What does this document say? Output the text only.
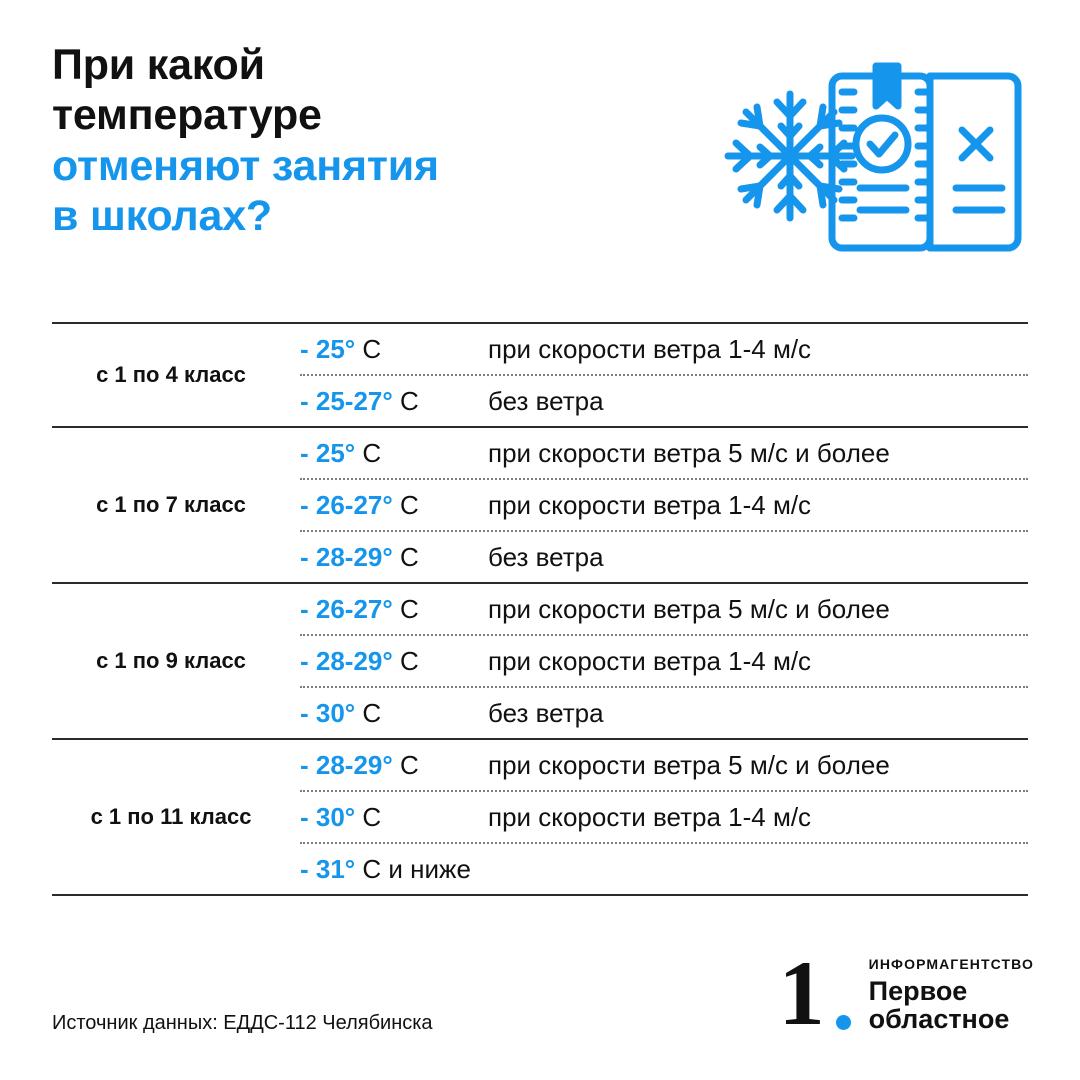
При какой
температуре
отменяют занятия
в школах?
с 1 по 4 класс
- 25° С	при скорости ветра 1-4 м/с
- 25-27° С	без ветра
с 1 по 7 класс
- 25° С	при скорости ветра 5 м/с и более
- 26-27° С	при скорости ветра 1-4 м/с
- 28-29° С	без ветра
с 1 по 9 класс
- 26-27° С	при скорости ветра 5 м/с и более
- 28-29° С	при скорости ветра 1-4 м/с
- 30° С	без ветра
с 1 по 11 класс
- 28-29° С	при скорости ветра 5 м/с и более
- 30° С	при скорости ветра 1-4 м/с
- 31° С и ниже
Источник данных: ЕДДС-112 Челябинска	1	ИНФОРМАГЕНТСТВО
Первое
областное
